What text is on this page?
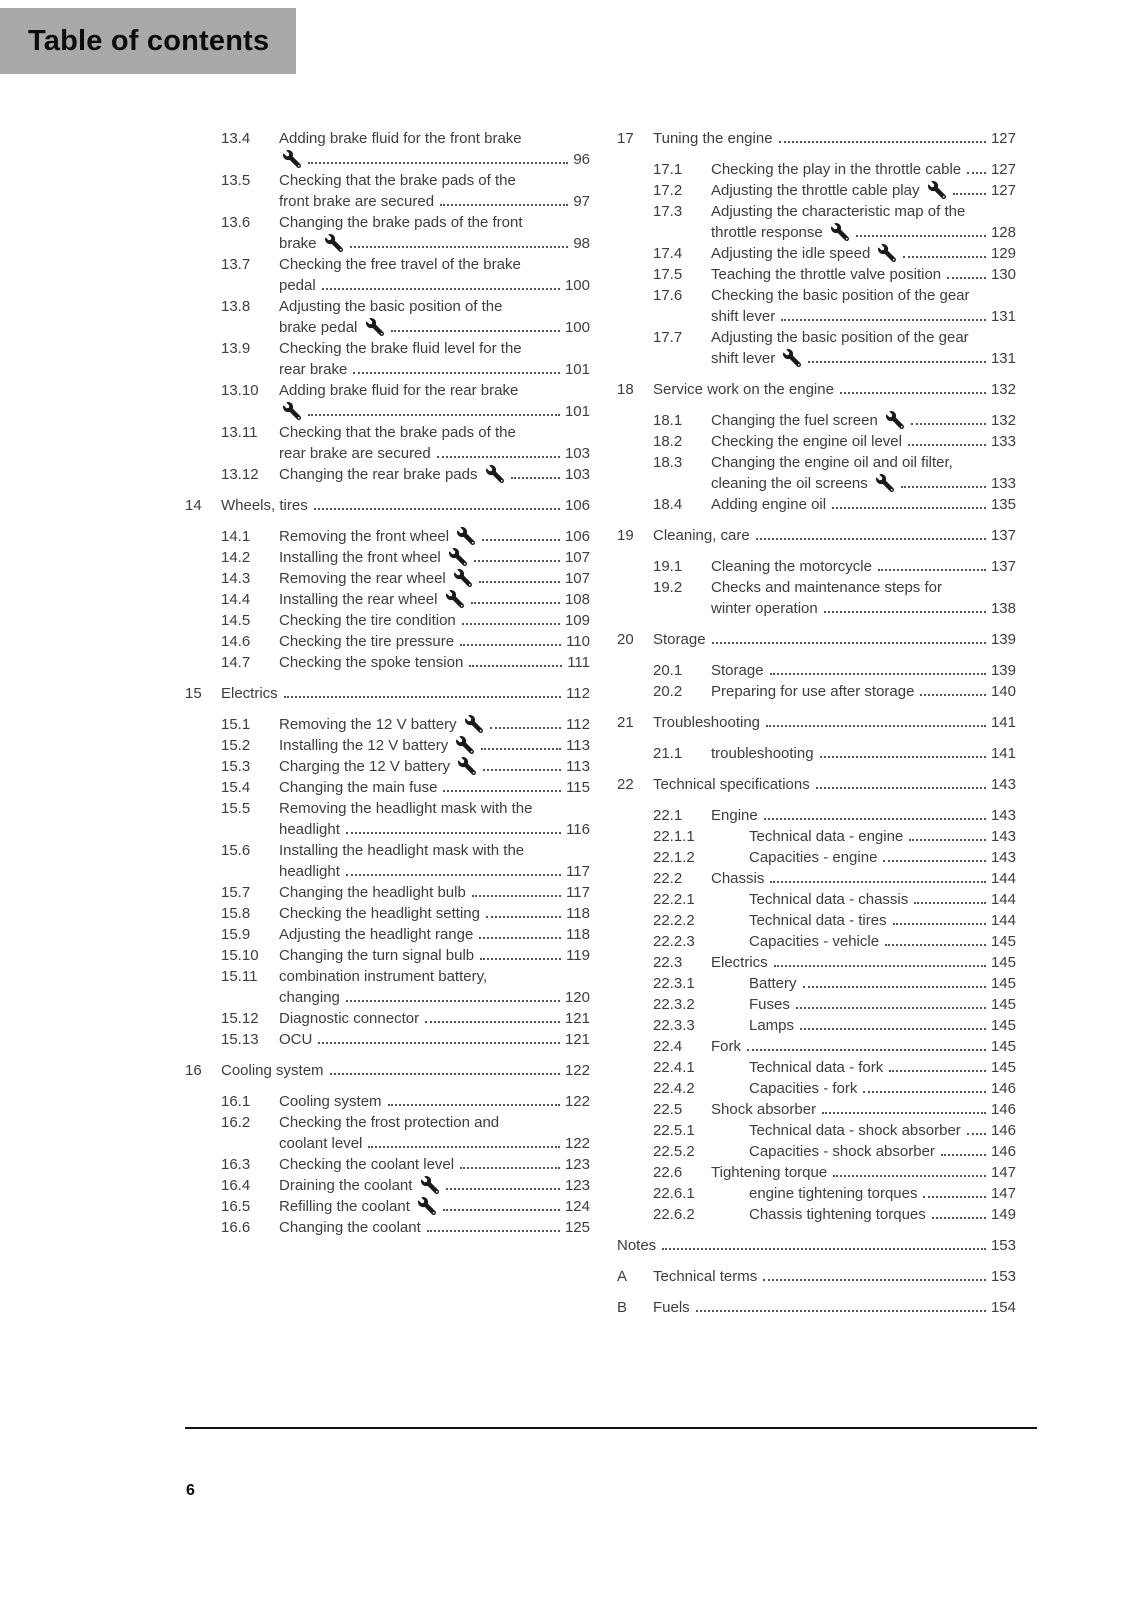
Table of contents
13.4	Adding brake fluid for the front brake
96
13.5	Checking that the brake pads of the
front brake are secured	97
13.6	Changing the brake pads of the front
brake	98
13.7	Checking the free travel of the brake
pedal	100
13.8	Adjusting the basic position of the
brake pedal	100
13.9	Checking the brake fluid level for the
rear brake	101
13.10	Adding brake fluid for the rear brake
101
13.11	Checking that the brake pads of the
rear brake are secured	103
13.12	Changing the rear brake pads	103
14	Wheels, tires	106
14.1	Removing the front wheel	106
14.2	Installing the front wheel	107
14.3	Removing the rear wheel	107
14.4	Installing the rear wheel	108
14.5	Checking the tire condition	109
14.6	Checking the tire pressure	110
14.7	Checking the spoke tension	111
15	Electrics	112
15.1	Removing the 12 V battery	112
15.2	Installing the 12 V battery	113
15.3	Charging the 12 V battery	113
15.4	Changing the main fuse	115
15.5	Removing the headlight mask with the
headlight	116
15.6	Installing the headlight mask with the
headlight	117
15.7	Changing the headlight bulb	117
15.8	Checking the headlight setting	118
15.9	Adjusting the headlight range	118
15.10	Changing the turn signal bulb	119
15.11	combination instrument battery,
changing	120
15.12	Diagnostic connector	121
15.13	OCU	121
16	Cooling system	122
16.1	Cooling system	122
16.2	Checking the frost protection and
coolant level	122
16.3	Checking the coolant level	123
16.4	Draining the coolant	123
16.5	Refilling the coolant	124
16.6	Changing the coolant	125
17	Tuning the engine	127
17.1	Checking the play in the throttle cable 127
17.2	Adjusting the throttle cable play	127
17.3	Adjusting the characteristic map of the
throttle response	128
17.4	Adjusting the idle speed	129
17.5	Teaching the throttle valve position	130
17.6	Checking the basic position of the gear
shift lever	131
17.7	Adjusting the basic position of the gear
shift lever	131
18	Service work on the engine	132
18.1	Changing the fuel screen	132
18.2	Checking the engine oil level	133
18.3	Changing the engine oil and oil filter,
cleaning the oil screens	133
18.4	Adding engine oil	135
19	Cleaning, care	137
19.1	Cleaning the motorcycle	137
19.2	Checks and maintenance steps for
winter operation	138
20	Storage	139
20.1	Storage	139
20.2	Preparing for use after storage	140
21	Troubleshooting	141
21.1	troubleshooting	141
22	Technical specifications	143
22.1	Engine	143
22.1.1	Technical data - engine	143
22.1.2	Capacities - engine	143
22.2	Chassis	144
22.2.1	Technical data - chassis	144
22.2.2	Technical data - tires	144
22.2.3	Capacities - vehicle	145
22.3	Electrics	145
22.3.1	Battery	145
22.3.2	Fuses	145
22.3.3	Lamps	145
22.4	Fork	145
22.4.1	Technical data - fork	145
22.4.2	Capacities - fork	146
22.5	Shock absorber	146
22.5.1	Technical data - shock absorber 146
22.5.2	Capacities - shock absorber	146
22.6	Tightening torque	147
22.6.1	engine tightening torques	147
22.6.2	Chassis tightening torques	149
Notes	153
A	Technical terms	153
B	Fuels	154
6
